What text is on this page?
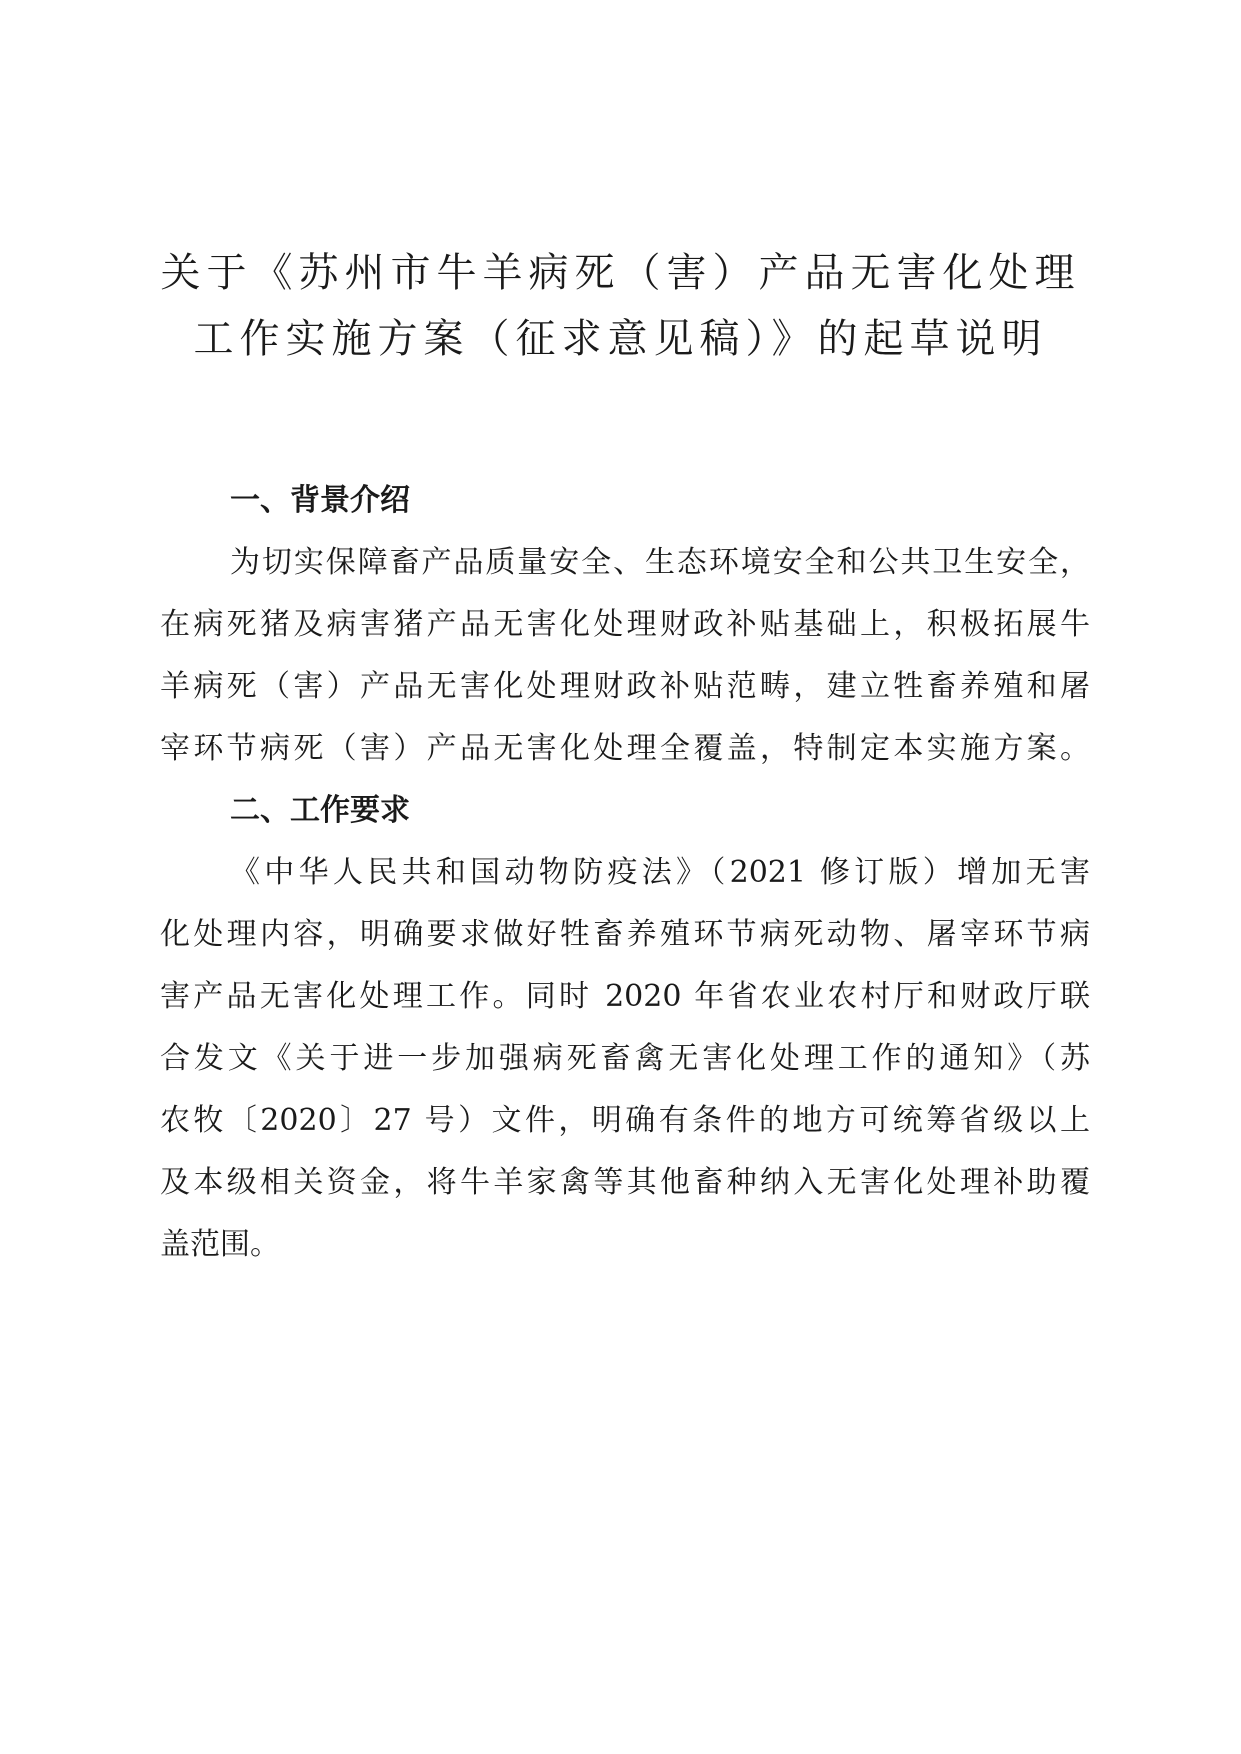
关于《苏州市牛羊病死（害）产品无害化处理
工作实施方案（征求意见稿）》的起草说明
一、背景介绍
为切实保障畜产品质量安全、生态环境安全和公共卫生安全，
在病死猪及病害猪产品无害化处理财政补贴基础上，积极拓展牛
羊病死（害）产品无害化处理财政补贴范畴，建立牲畜养殖和屠
宰环节病死（害）产品无害化处理全覆盖，特制定本实施方案。
二、工作要求
《中华人民共和国动物防疫法》（2021 修订版）增加无害
化处理内容，明确要求做好牲畜养殖环节病死动物、屠宰环节病
害产品无害化处理工作。同时 2020 年省农业农村厅和财政厅联
合发文《关于进一步加强病死畜禽无害化处理工作的通知》（苏
农牧〔2020〕27 号）文件，明确有条件的地方可统筹省级以上
及本级相关资金，将牛羊家禽等其他畜种纳入无害化处理补助覆
盖范围。
